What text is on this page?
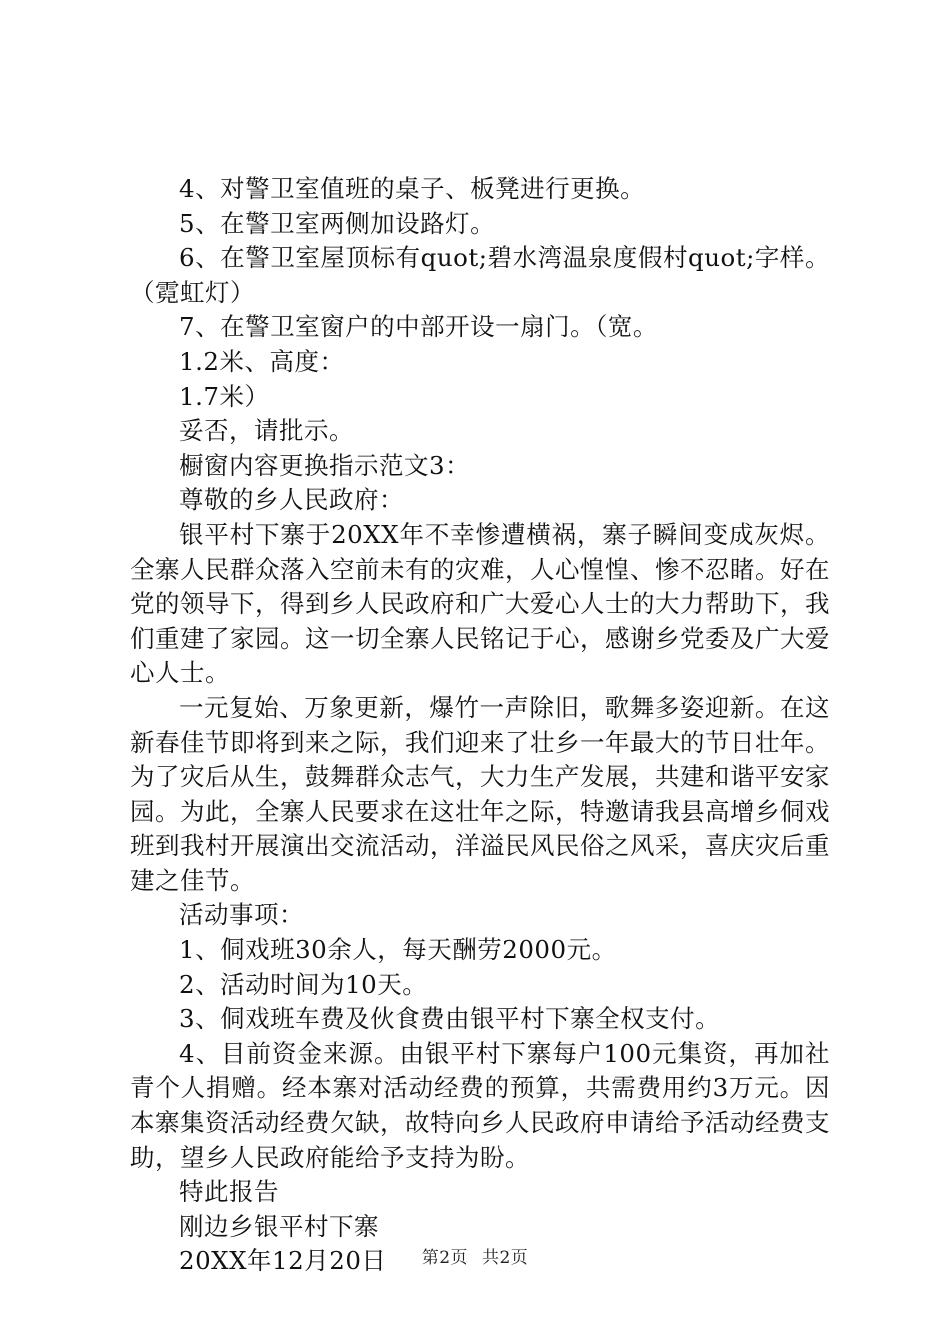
4、对警卫室值班的桌子、板凳进行更换。

5、在警卫室两侧加设路灯。

6、在警卫室屋顶标有quot;碧水湾温泉度假村quot;字样。（霓虹灯）

7、在警卫室窗户的中部开设一扇门。（宽。

1.2米、高度：

1.7米）

妥否，请批示。

橱窗内容更换指示范文3：

尊敬的乡人民政府：

银平村下寨于20XX年不幸惨遭横祸，寨子瞬间变成灰烬。全寨人民群众落入空前未有的灾难，人心惶惶、惨不忍睹。好在党的领导下，得到乡人民政府和广大爱心人士的大力帮助下，我们重建了家园。这一切全寨人民铭记于心，感谢乡党委及广大爱心人士。

一元复始、万象更新，爆竹一声除旧，歌舞多姿迎新。在这新春佳节即将到来之际，我们迎来了壮乡一年最大的节日壮年。为了灾后从生，鼓舞群众志气，大力生产发展，共建和谐平安家园。为此，全寨人民要求在这壮年之际，特邀请我县高增乡侗戏班到我村开展演出交流活动，洋溢民风民俗之风采，喜庆灾后重建之佳节。

活动事项：

1、侗戏班30余人，每天酬劳2000元。

2、活动时间为10天。

3、侗戏班车费及伙食费由银平村下寨全权支付。

4、目前资金来源。由银平村下寨每户100元集资，再加社青个人捐赠。经本寨对活动经费的预算，共需费用约3万元。因本寨集资活动经费欠缺，故特向乡人民政府申请给予活动经费支助，望乡人民政府能给予支持为盼。

特此报告

刚边乡银平村下寨

20XX年12月20日	第2页 共2页
